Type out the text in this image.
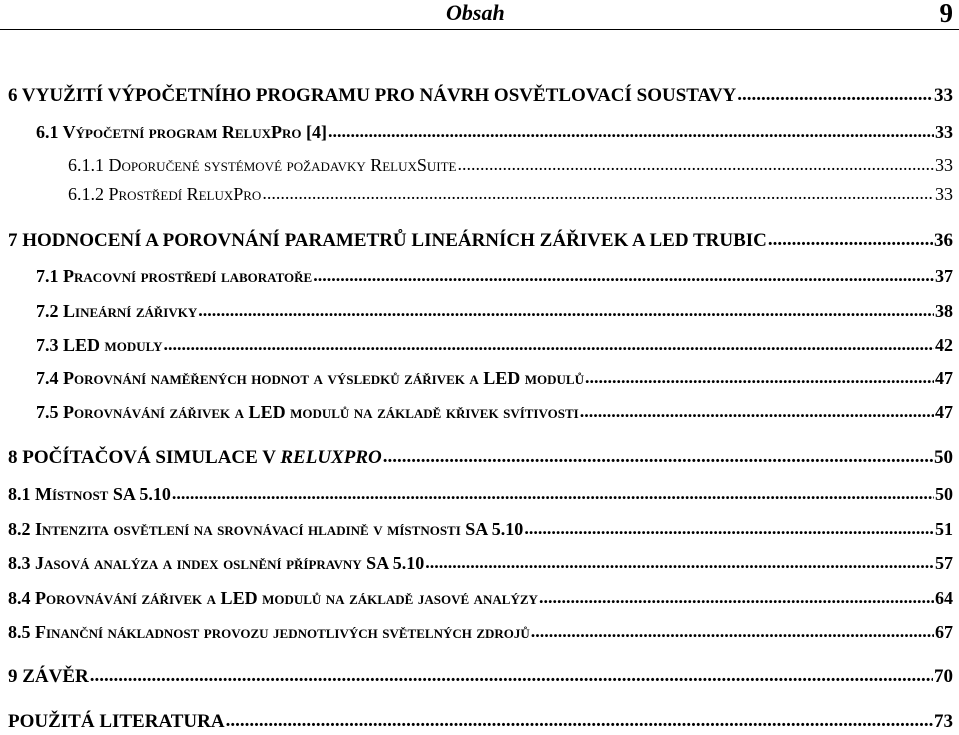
Obsah	9
6 VYUŽITÍ VÝPOČETNÍHO PROGRAMU PRO NÁVRH OSVĚTLOVACÍ SOUSTAVY .....	33
6.1 Výpočetní program ReluxPro [4] .....	33
6.1.1 Doporučené systémové požadavky ReluxSuite .....	33
6.1.2 Prostředí ReluxPro .....	33
7 HODNOCENÍ A POROVNÁNÍ PARAMETRŮ LINEÁRNÍCH ZÁŘIVEK A LED TRUBIC .....	36
7.1 Pracovní prostředí laboratoře .....	37
7.2 Lineární zářivky .....	38
7.3 LED moduly .....	42
7.4 Porovnání naměřených hodnot a výsledků zářivek a LED modulů .....	47
7.5 Porovnávání zářivek a LED modulů na základě křivek svítivosti .....	47
8 POČÍTAČOVÁ SIMULACE V RELUXPRO .....	50
8.1 Místnost SA 5.10 .....	50
8.2 Intenzita osvětlení na srovnávací hladině v místnosti SA 5.10 .....	51
8.3 Jasová analýza a index oslnění přípravny SA 5.10 .....	57
8.4 Porovnávání zářivek a LED modulů na základě jasové analýzy .....	64
8.5 Finanční nákladnost provozu jednotlivých světelných zdrojů .....	67
9 ZÁVĚR .....	70
POUŽITÁ LITERATURA .....	73
